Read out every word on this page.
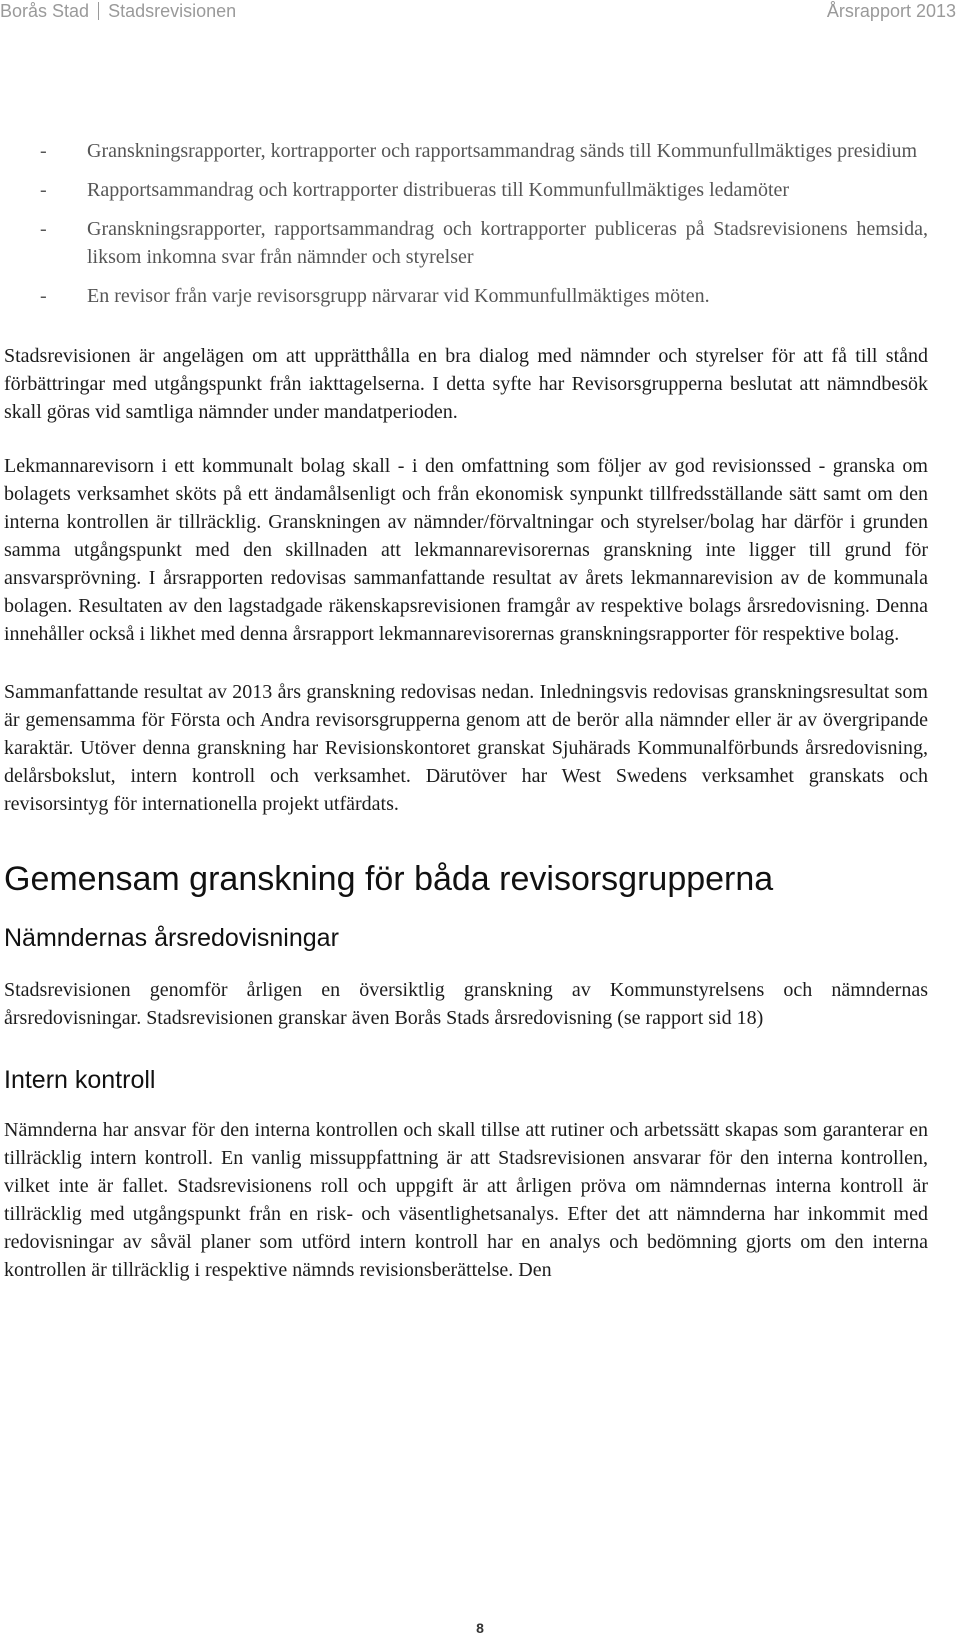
Borås Stad Stadsrevisionen	Årsrapport 2013
- Granskningsrapporter, kortrapporter och rapportsammandrag sänds till Kommunfullmäktiges presidium
- Rapportsammandrag och kortrapporter distribueras till Kommunfullmäktiges ledamöter
- Granskningsrapporter, rapportsammandrag och kortrapporter publiceras på Stadsrevisionens hemsida, liksom inkomna svar från nämnder och styrelser
- En revisor från varje revisorsgrupp närvarar vid Kommunfullmäktiges möten.

Stadsrevisionen är angelägen om att upprätthålla en bra dialog med nämnder och styrelser för att få till stånd förbättringar med utgångspunkt från iakttagelserna. I detta syfte har Revisorsgrupperna beslutat att nämndbesök skall göras vid samtliga nämnder under mandatperioden.

Lekmannarevisorn i ett kommunalt bolag skall - i den omfattning som följer av god revisionssed - granska om bolagets verksamhet sköts på ett ändamålsenligt och från ekonomisk synpunkt tillfredsställande sätt samt om den interna kontrollen är tillräcklig. Granskningen av nämnder/förvaltningar och styrelser/bolag har därför i grunden samma utgångspunkt med den skillnaden att lekmannarevisorernas granskning inte ligger till grund för ansvarsprövning. I årsrapporten redovisas sammanfattande resultat av årets lekmannarevision av de kommunala bolagen. Resultaten av den lagstadgade räkenskapsrevisionen framgår av respektive bolags årsredovisning. Denna innehåller också i likhet med denna årsrapport lekmannarevisorernas granskningsrapporter för respektive bolag.

Sammanfattande resultat av 2013 års granskning redovisas nedan. Inledningsvis redovisas granskningsresultat som är gemensamma för Första och Andra revisorsgrupperna genom att de berör alla nämnder eller är av övergripande karaktär. Utöver denna granskning har Revisionskontoret granskat Sjuhärads Kommunalförbunds årsredovisning, delårsbokslut, intern kontroll och verksamhet. Därutöver har West Swedens verksamhet granskats och revisorsintyg för internationella projekt utfärdats.

Gemensam granskning för båda revisorsgrupperna
Nämndernas årsredovisningar

Stadsrevisionen genomför årligen en översiktlig granskning av Kommunstyrelsens och nämndernas årsredovisningar. Stadsrevisionen granskar även Borås Stads årsredovisning (se rapport sid 18)

Intern kontroll

Nämnderna har ansvar för den interna kontrollen och skall tillse att rutiner och arbetssätt skapas som garanterar en tillräcklig intern kontroll. En vanlig missuppfattning är att Stadsrevisionen ansvarar för den interna kontrollen, vilket inte är fallet. Stadsrevisionens roll och uppgift är att årligen pröva om nämndernas interna kontroll är tillräcklig med utgångspunkt från en risk- och väsentlighetsanalys. Efter det att nämnderna har inkommit med redovisningar av såväl planer som utförd intern kontroll har en analys och bedömning gjorts om den interna kontrollen är tillräcklig i respektive nämnds revisionsberättelse. Den

8
